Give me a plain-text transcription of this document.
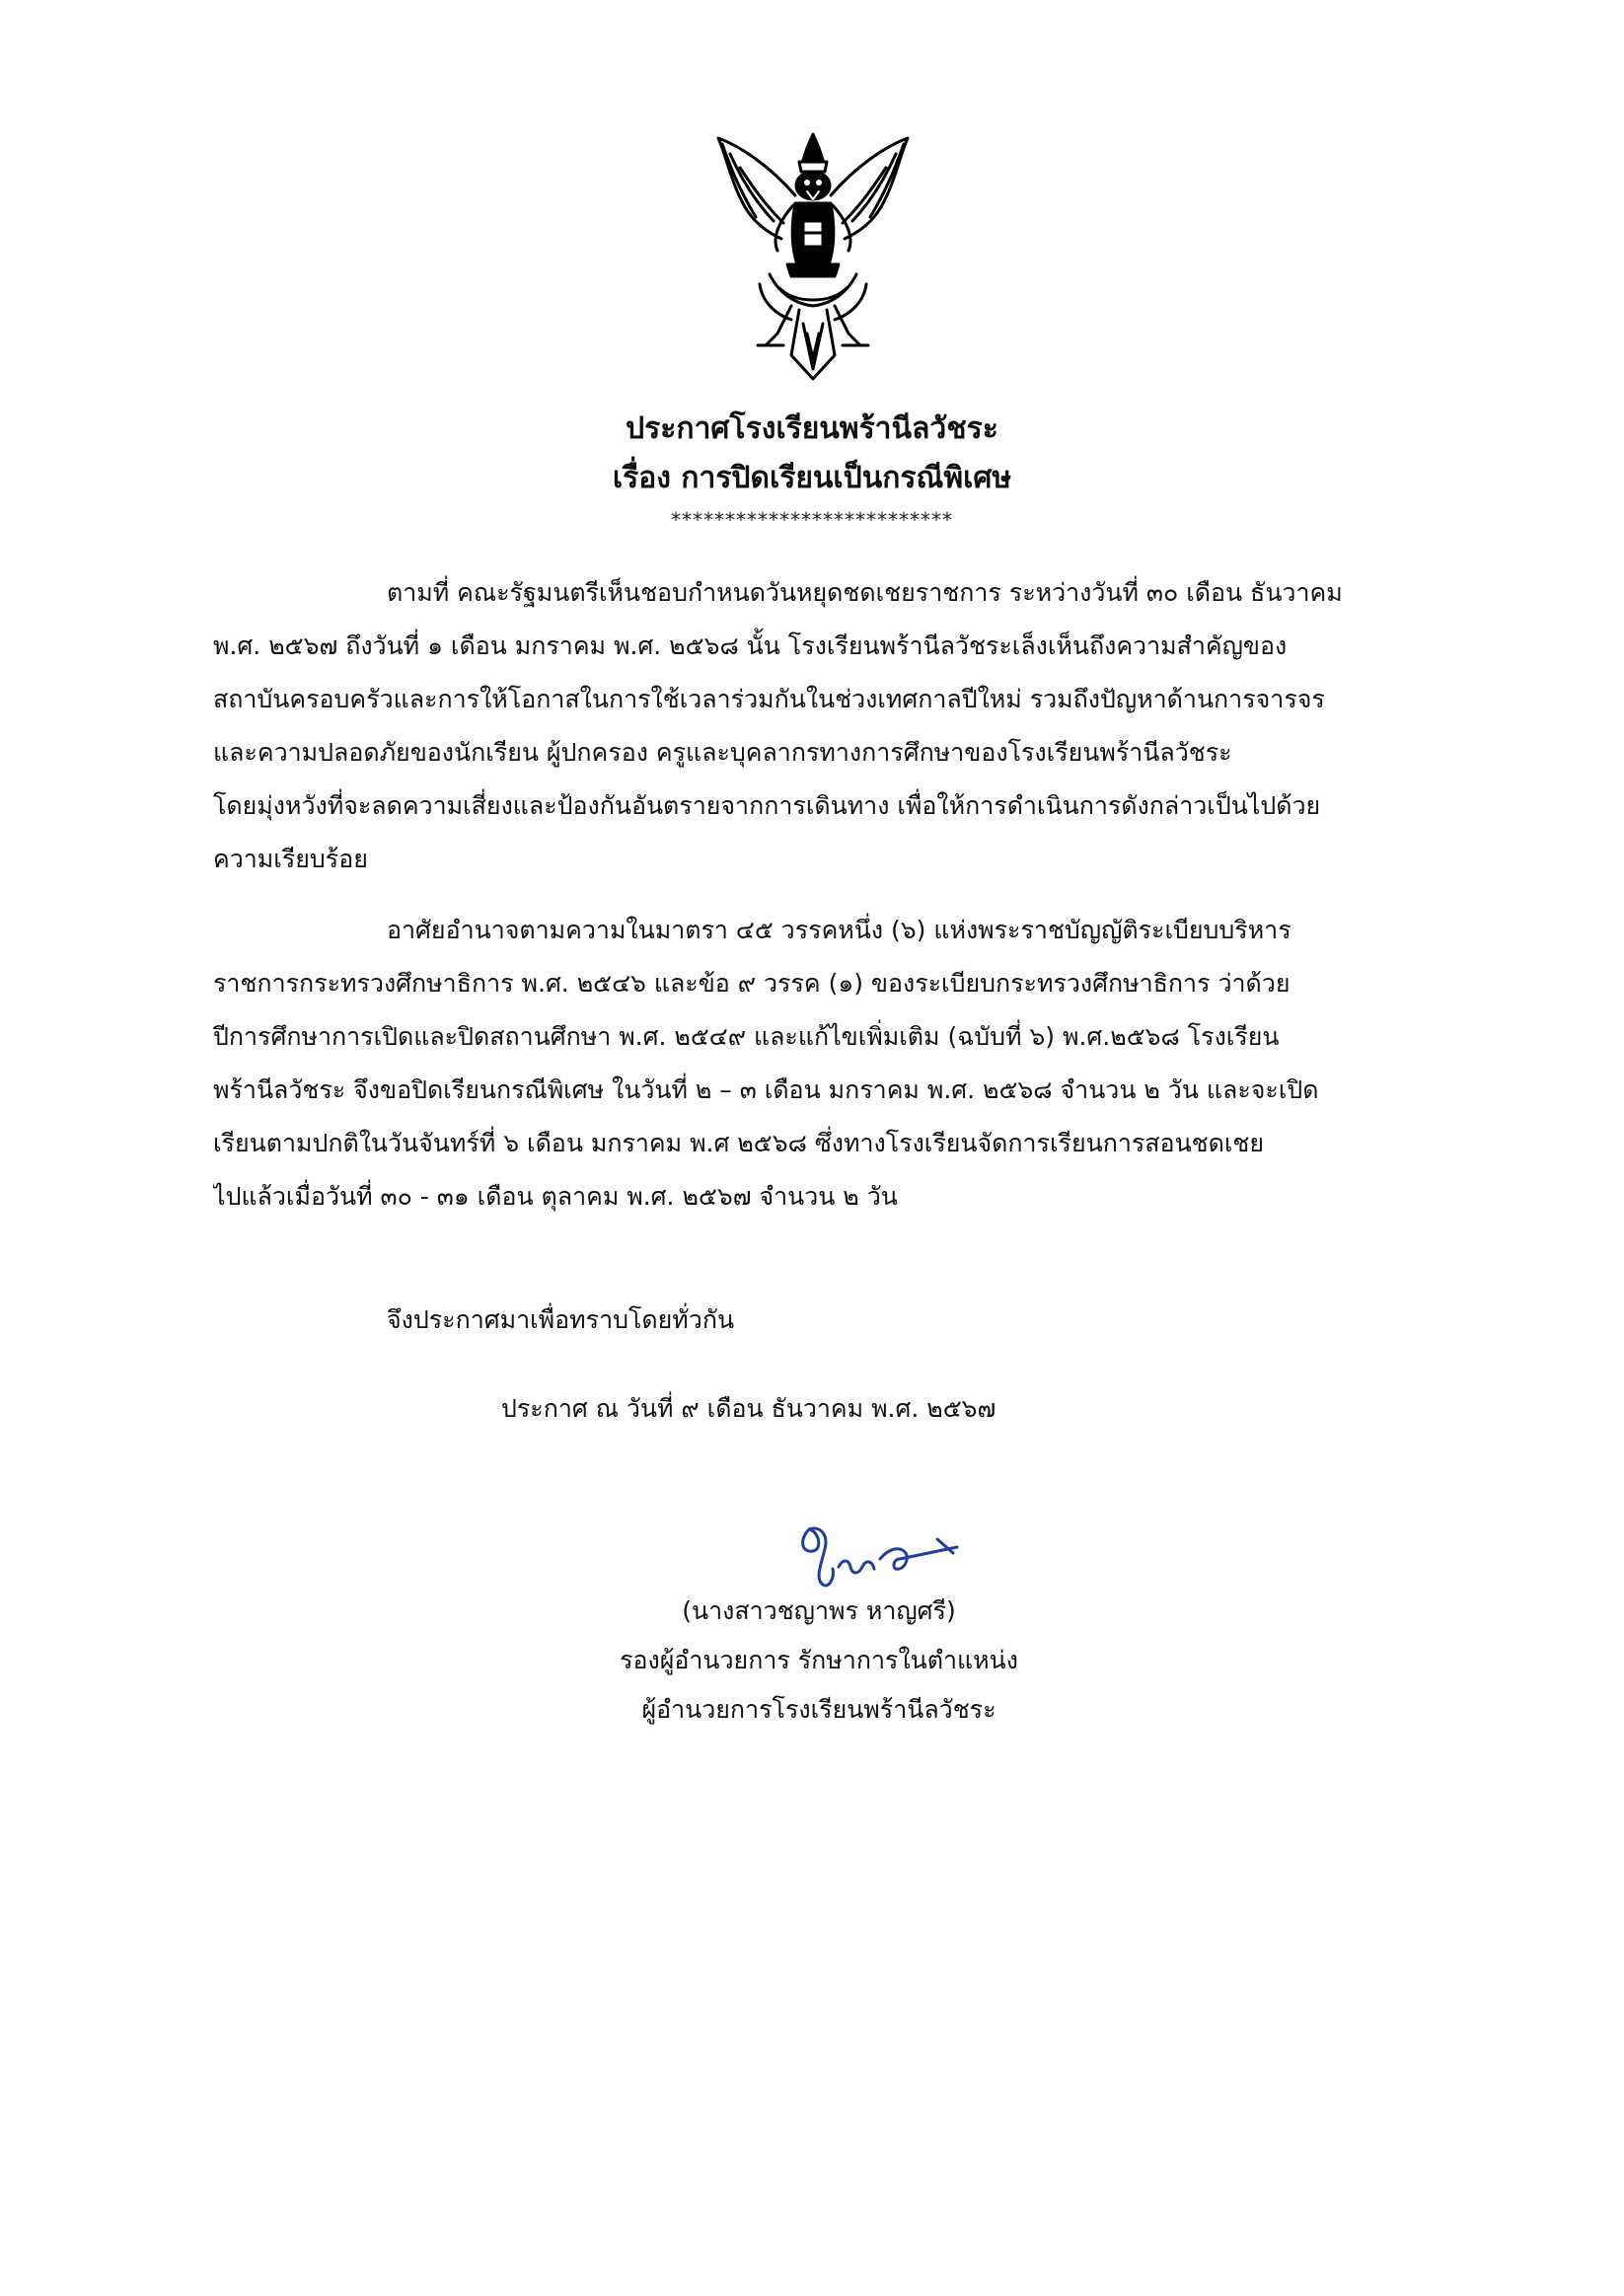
ประกาศโรงเรียนพร้านีลวัชระ
เรื่อง การปิดเรียนเป็นกรณีพิเศษ
**************************
ตามที่ คณะรัฐมนตรีเห็นชอบกำหนดวันหยุดชดเชยราชการ ระหว่างวันที่ ๓๐ เดือน ธันวาคม
พ.ศ. ๒๕๖๗ ถึงวันที่ ๑ เดือน มกราคม พ.ศ. ๒๕๖๘ นั้น โรงเรียนพร้านีลวัชระเล็งเห็นถึงความสำคัญของ
สถาบันครอบครัวและการให้โอกาสในการใช้เวลาร่วมกันในช่วงเทศกาลปีใหม่ รวมถึงปัญหาด้านการจารจร
และความปลอดภัยของนักเรียน ผู้ปกครอง ครูและบุคลากรทางการศึกษาของโรงเรียนพร้านีลวัชระ
โดยมุ่งหวังที่จะลดความเสี่ยงและป้องกันอันตรายจากการเดินทาง เพื่อให้การดำเนินการดังกล่าวเป็นไปด้วย
ความเรียบร้อย
อาศัยอำนาจตามความในมาตรา ๔๕ วรรคหนึ่ง (๖) แห่งพระราชบัญญัติระเบียบบริหาร
ราชการกระทรวงศึกษาธิการ พ.ศ. ๒๕๔๖ และข้อ ๙ วรรค (๑) ของระเบียบกระทรวงศึกษาธิการ ว่าด้วย
ปีการศึกษาการเปิดและปิดสถานศึกษา พ.ศ. ๒๕๔๙ และแก้ไขเพิ่มเติม (ฉบับที่ ๖) พ.ศ.๒๕๖๘ โรงเรียน
พร้านีลวัชระ จึงขอปิดเรียนกรณีพิเศษ ในวันที่ ๒ – ๓ เดือน มกราคม พ.ศ. ๒๕๖๘ จำนวน ๒ วัน และจะเปิด
เรียนตามปกติในวันจันทร์ที่ ๖ เดือน มกราคม พ.ศ ๒๕๖๘ ซึ่งทางโรงเรียนจัดการเรียนการสอนชดเชย
ไปแล้วเมื่อวันที่ ๓๐ - ๓๑ เดือน ตุลาคม พ.ศ. ๒๕๖๗ จำนวน ๒ วัน
จึงประกาศมาเพื่อทราบโดยทั่วกัน
ประกาศ ณ วันที่ ๙ เดือน ธันวาคม พ.ศ. ๒๕๖๗
(นางสาวชญาพร หาญศรี)
รองผู้อำนวยการ รักษาการในตำแหน่ง
ผู้อำนวยการโรงเรียนพร้านีลวัชระ
